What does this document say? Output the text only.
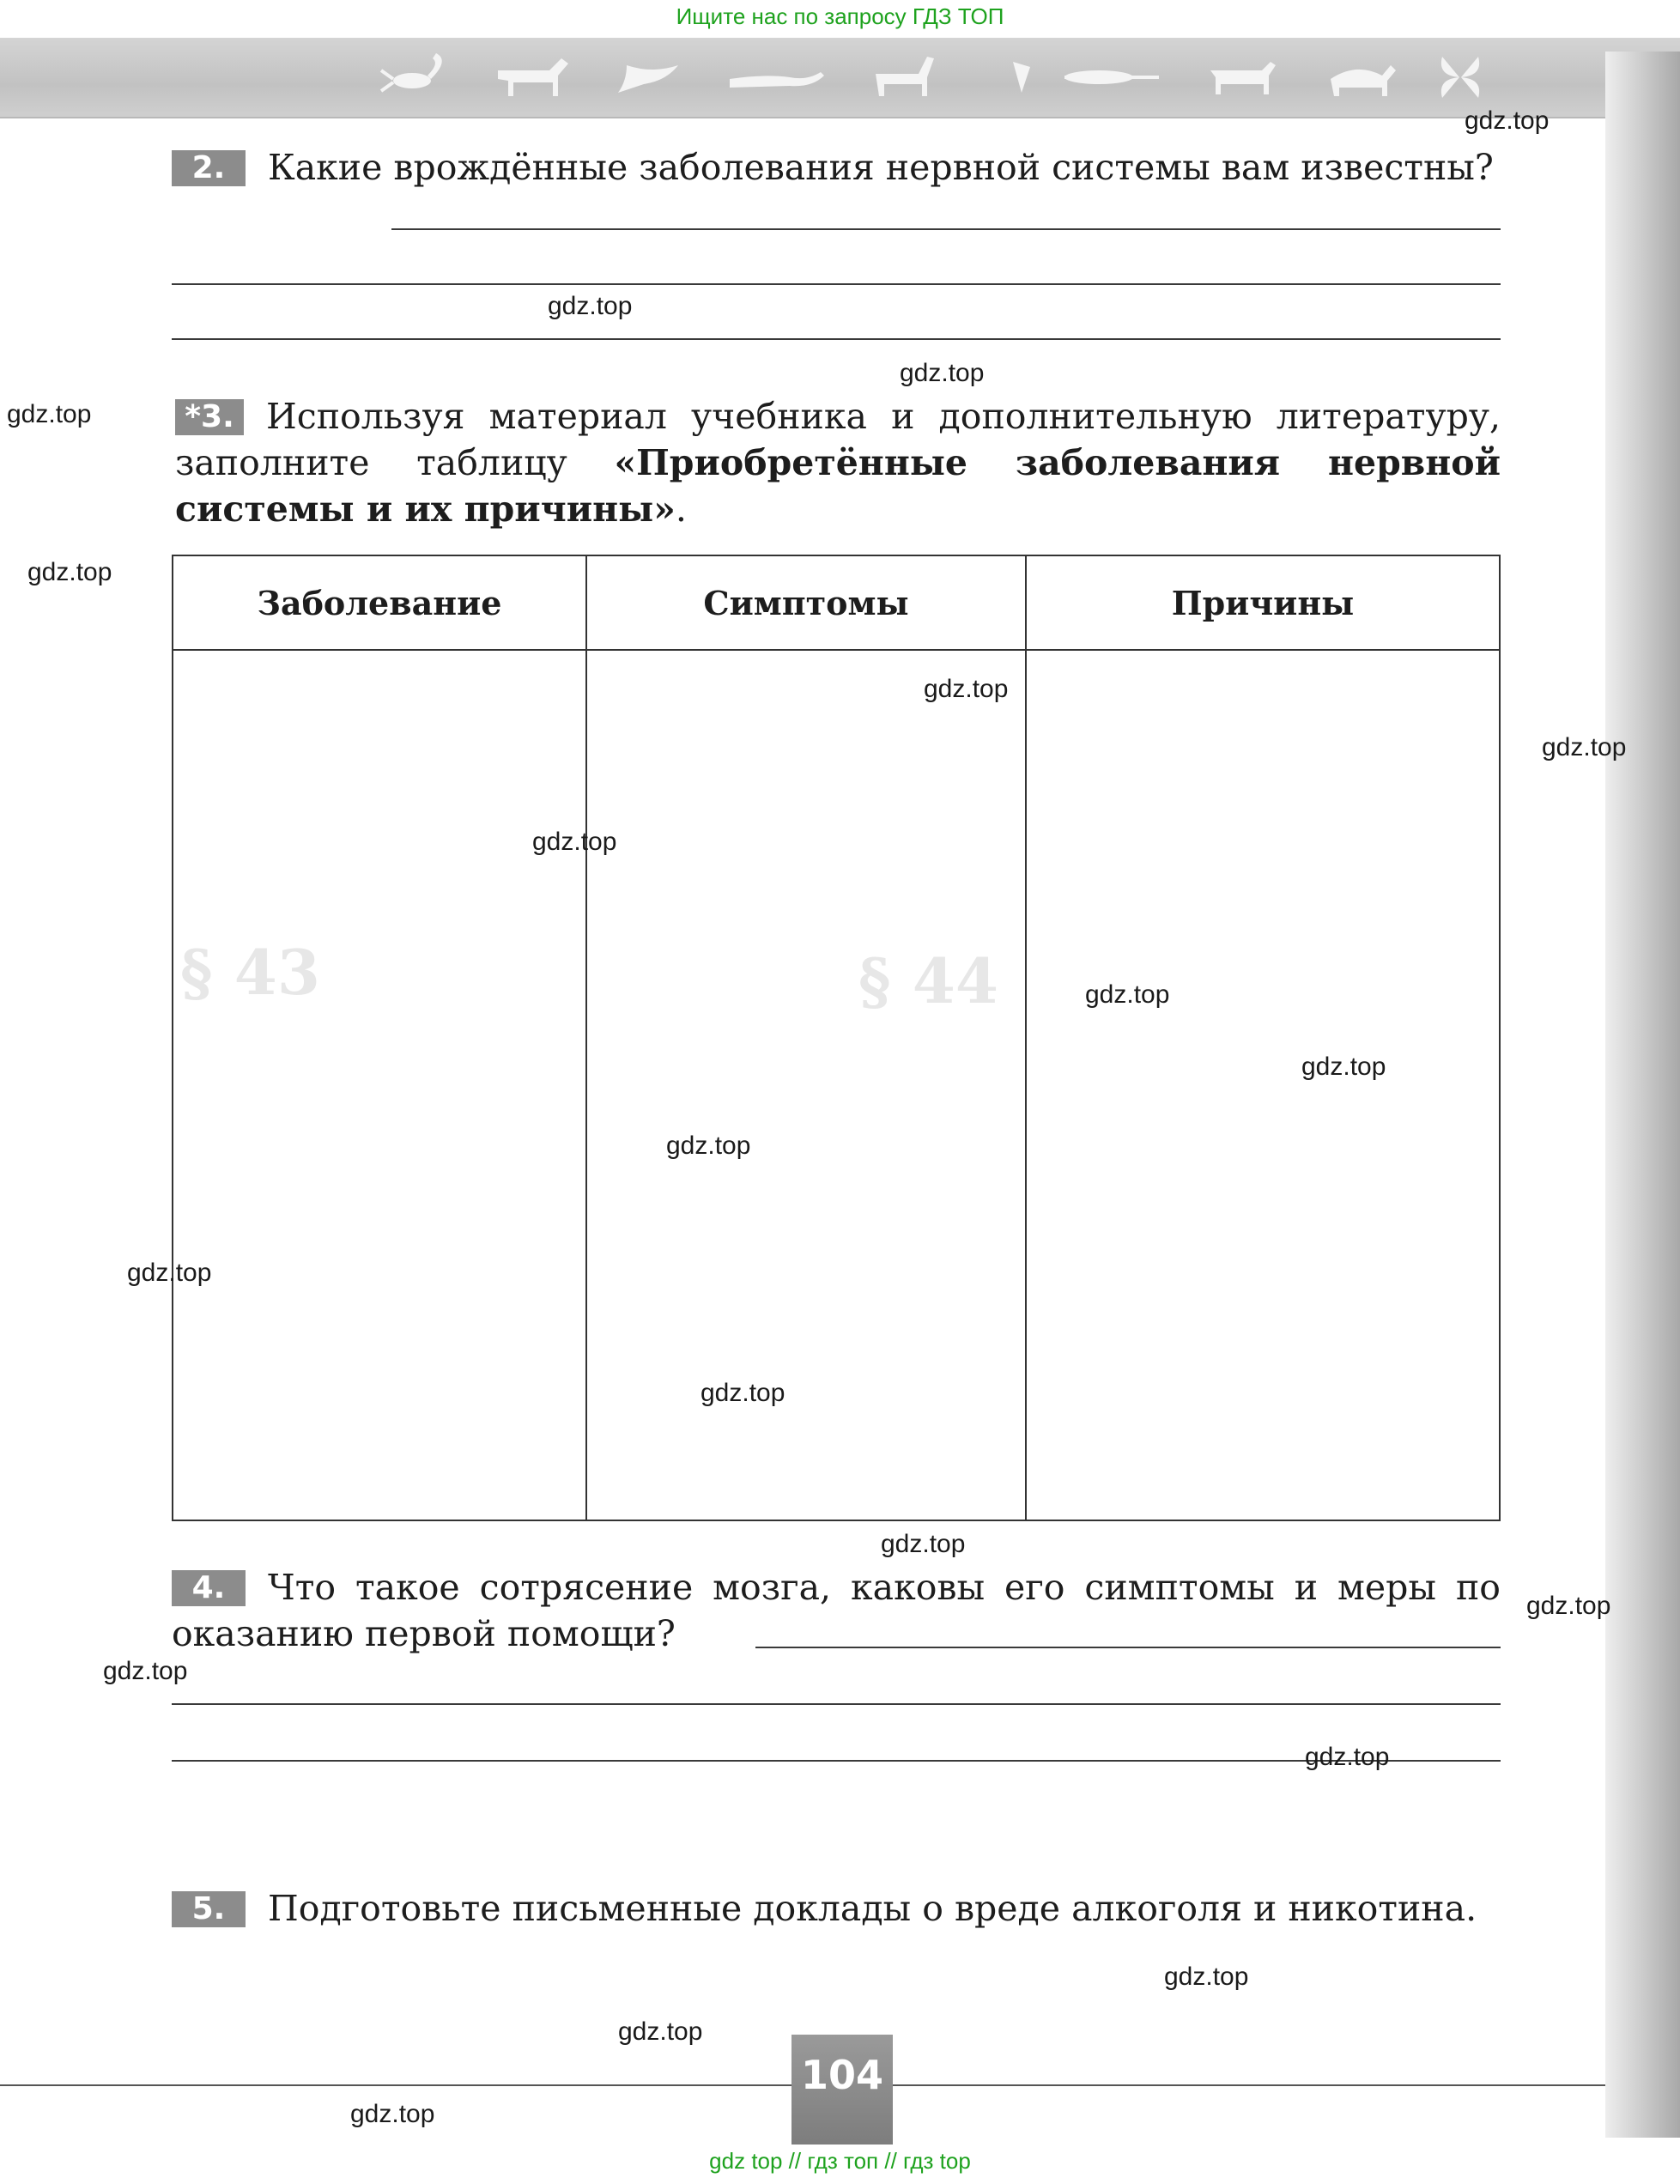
Ищите нас по запросу ГДЗ ТОП
§ 44
§ 43
2. Какие врождённые заболевания нервной системы вам известны?
*3. Используя материал учебника и дополнительную литературу, заполните таблицу «Приобретённые заболевания нервной системы и их причины».
Заболевание	Симптомы	Причины

4. Что такое сотрясение мозга, каковы его симптомы и меры по оказанию первой помощи?
5. Подготовьте письменные доклады о вреде алкоголя и никотина.
gdz.top
gdz.top
gdz.top
gdz.top
gdz.top
gdz.top
gdz.top
gdz.top
gdz.top
gdz.top
gdz.top
gdz.top
gdz.top
gdz.top
gdz.top
gdz.top
gdz.top
gdz.top
gdz.top
gdz.top
104
gdz top // гдз топ // гдз top
